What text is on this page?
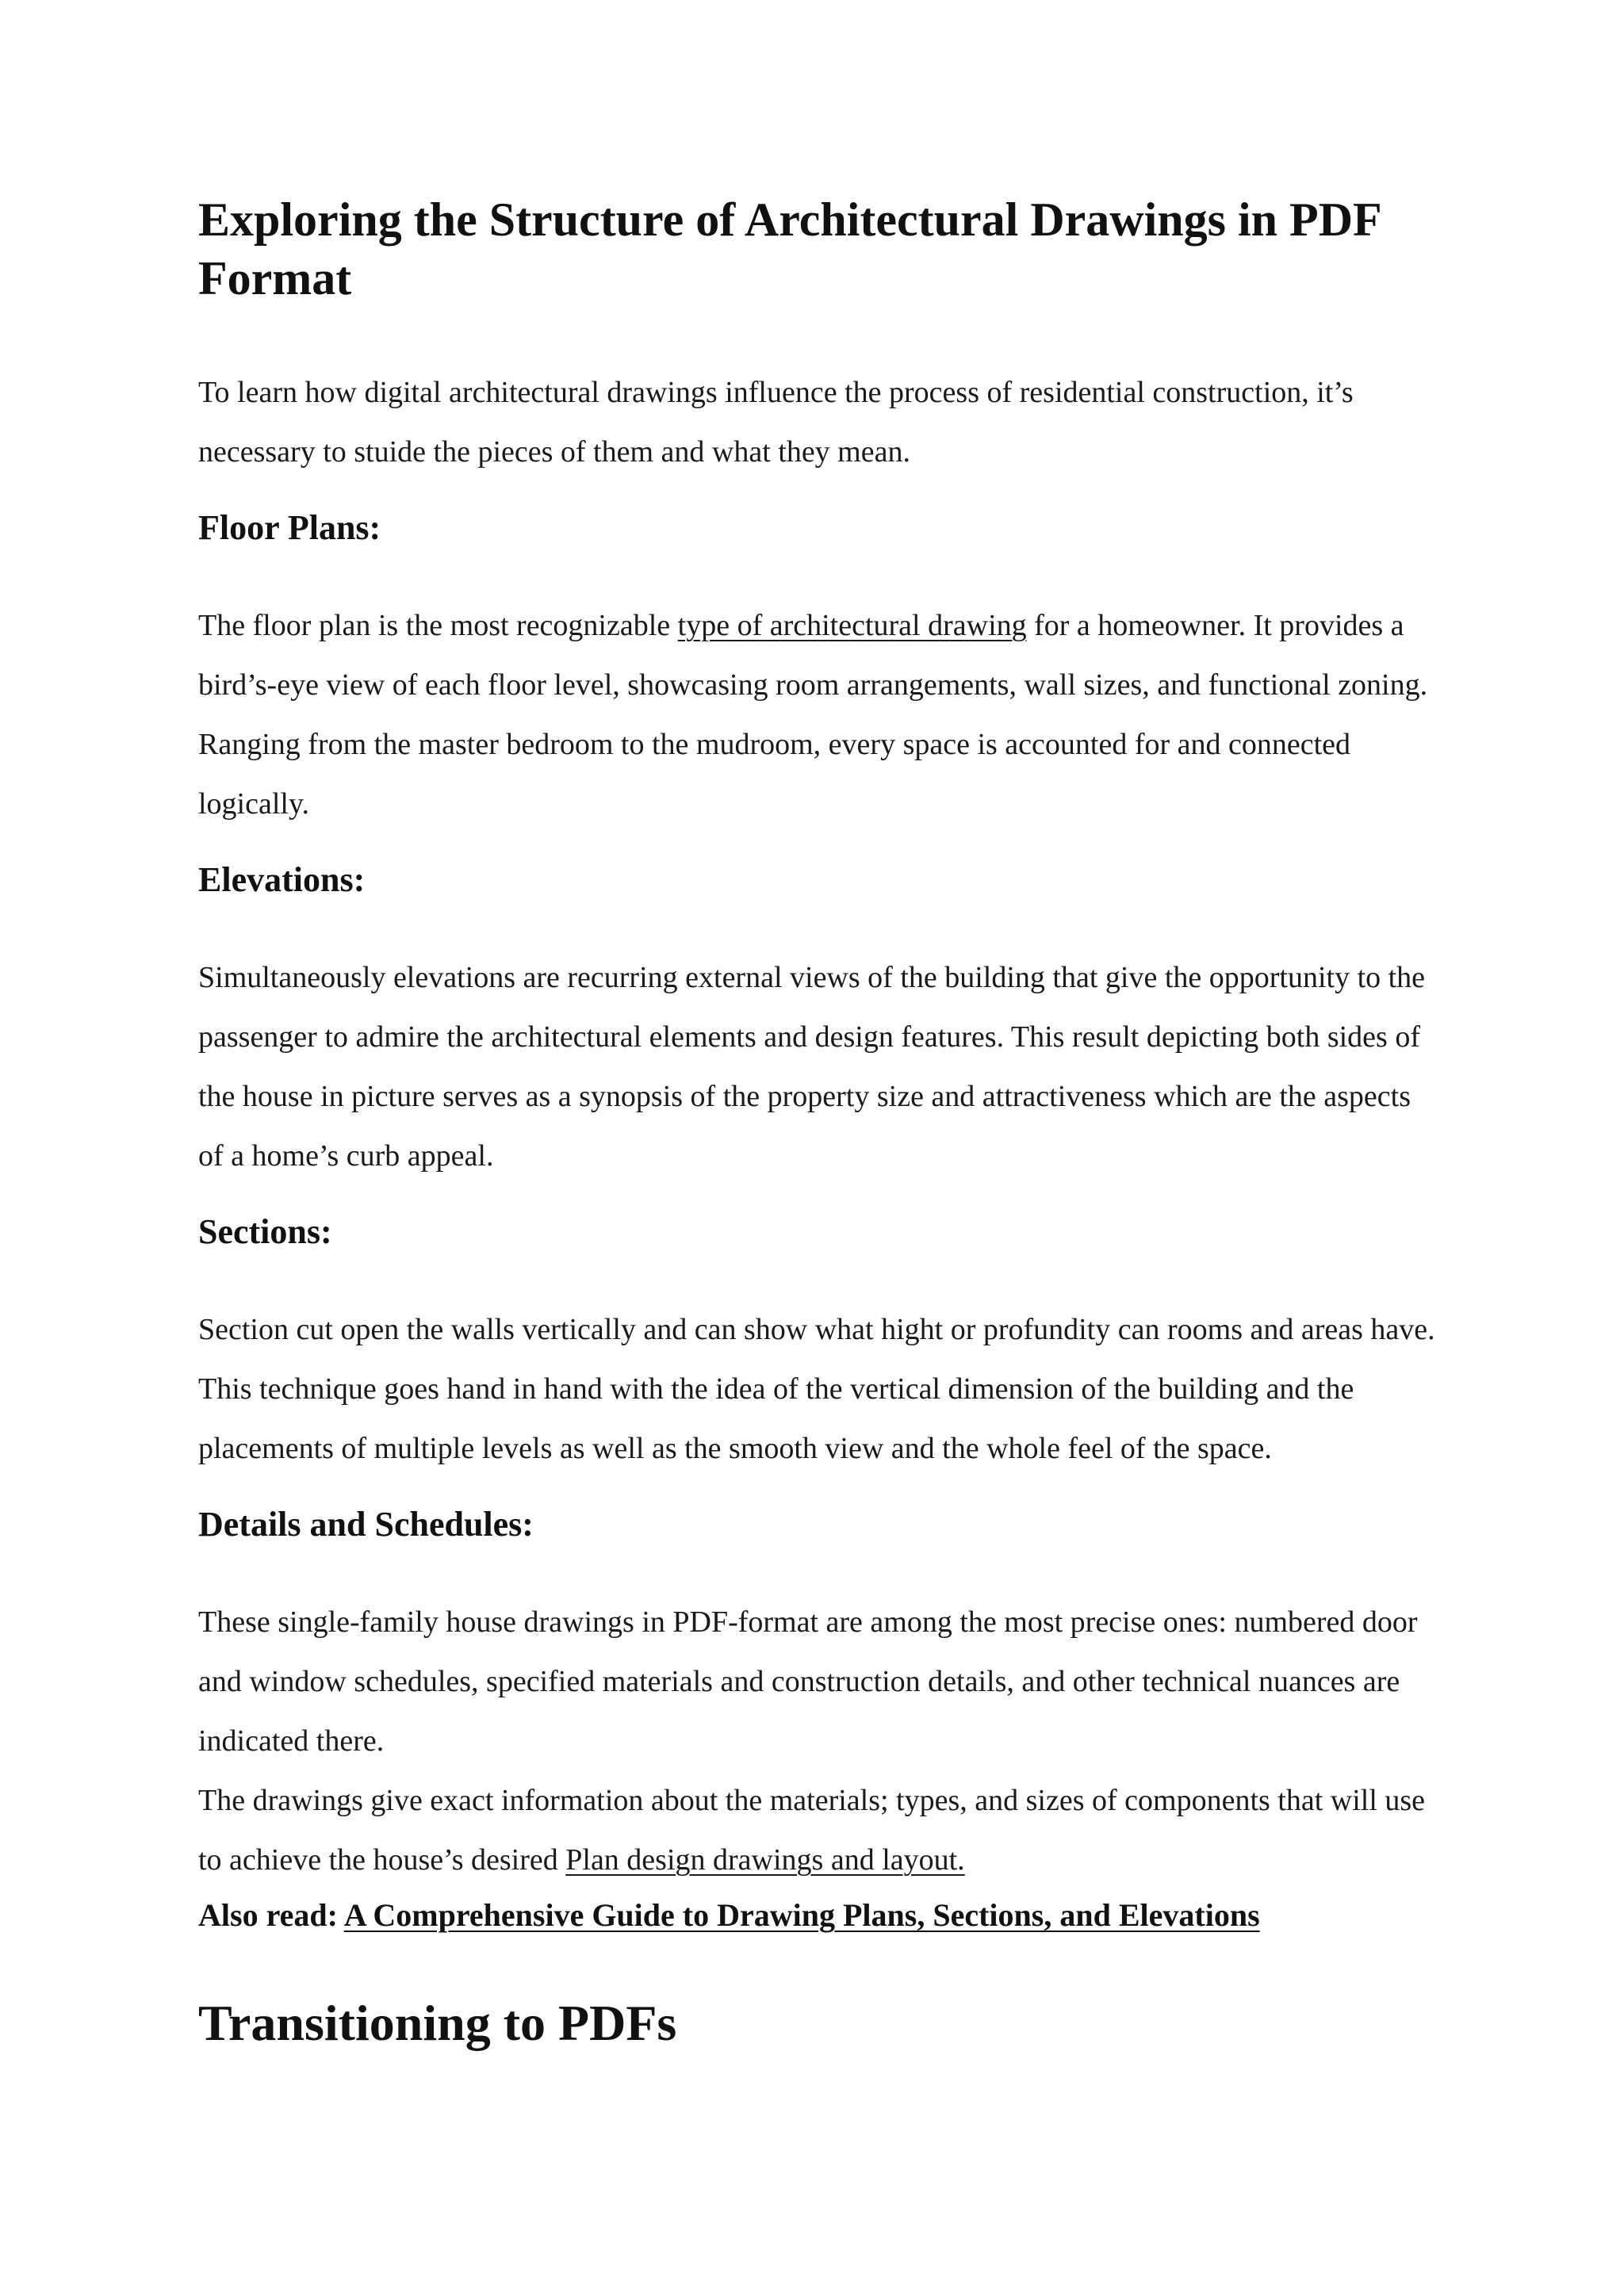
Exploring the Structure of Architectural Drawings in PDF Format

To learn how digital architectural drawings influence the process of residential construction, it’s necessary to stuide the pieces of them and what they mean.

Floor Plans:

The floor plan is the most recognizable type of architectural drawing for a homeowner. It provides a bird’s-eye view of each floor level, showcasing room arrangements, wall sizes, and functional zoning. Ranging from the master bedroom to the mudroom, every space is accounted for and connected logically.

Elevations:

Simultaneously elevations are recurring external views of the building that give the opportunity to the passenger to admire the architectural elements and design features. This result depicting both sides of the house in picture serves as a synopsis of the property size and attractiveness which are the aspects of a home’s curb appeal.

Sections:

Section cut open the walls vertically and can show what hight or profundity can rooms and areas have. This technique goes hand in hand with the idea of the vertical dimension of the building and the placements of multiple levels as well as the smooth view and the whole feel of the space.

Details and Schedules:

These single-family house drawings in PDF-format are among the most precise ones: numbered door and window schedules, specified materials and construction details, and other technical nuances are indicated there.

The drawings give exact information about the materials; types, and sizes of components that will use to achieve the house’s desired Plan design drawings and layout.

Also read: A Comprehensive Guide to Drawing Plans, Sections, and Elevations

Transitioning to PDFs
